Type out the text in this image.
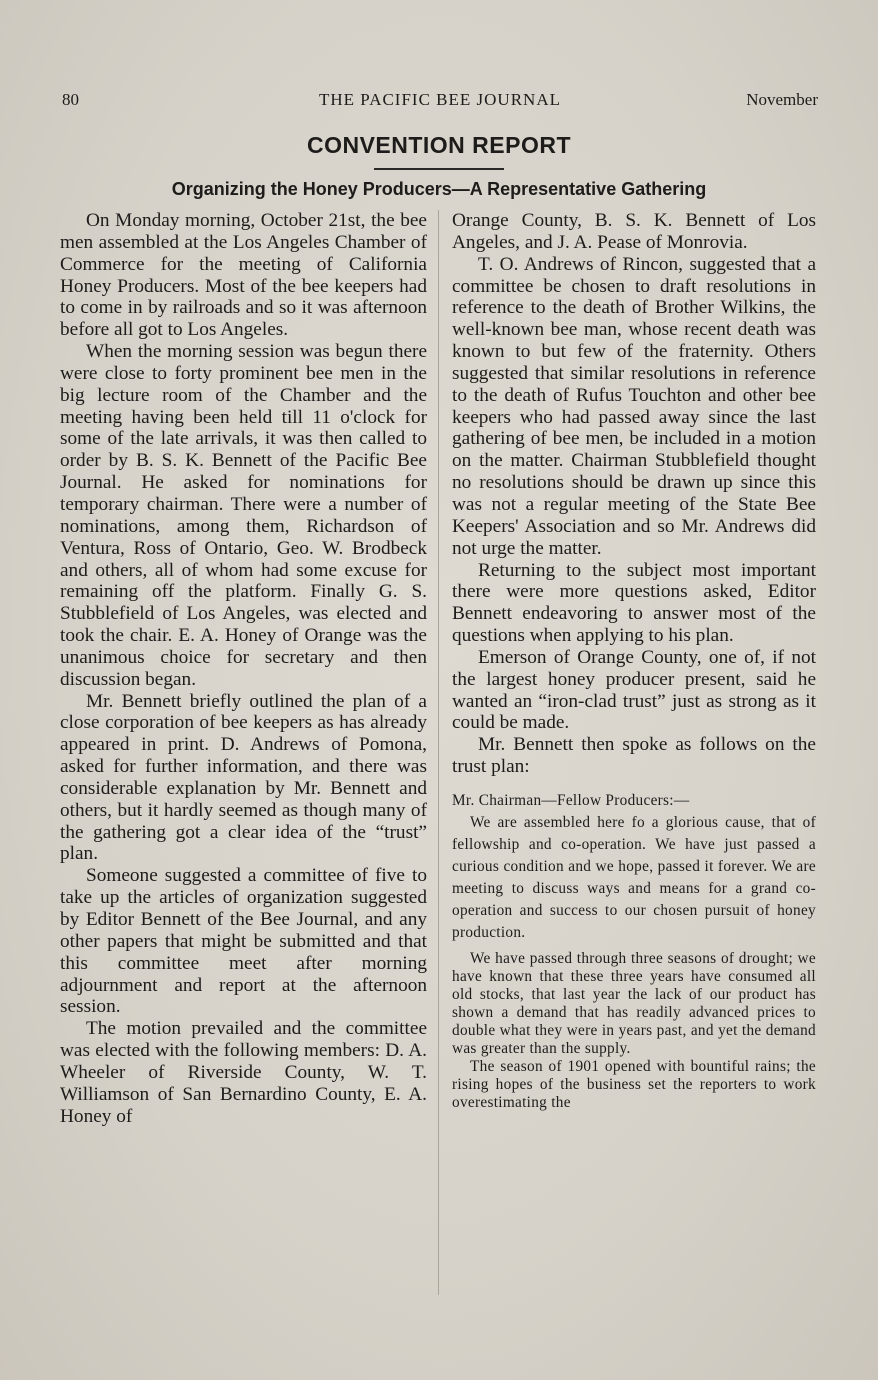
80	THE PACIFIC BEE JOURNAL	November
CONVENTION REPORT
Organizing the Honey Producers—A Representative Gathering

On Monday morning, October 21st, the bee men assembled at the Los Angeles Chamber of Commerce for the meeting of California Honey Producers. Most of the bee keepers had to come in by railroads and so it was afternoon before all got to Los Angeles.

When the morning session was begun there were close to forty prominent bee men in the big lecture room of the Chamber and the meeting having been held till 11 o'clock for some of the late arrivals, it was then called to order by B. S. K. Bennett of the Pacific Bee Journal. He asked for nominations for temporary chairman. There were a number of nominations, among them, Richardson of Ventura, Ross of Ontario, Geo. W. Brodbeck and others, all of whom had some excuse for remaining off the platform. Finally G. S. Stubblefield of Los Angeles, was elected and took the chair. E. A. Honey of Orange was the unanimous choice for secretary and then discussion began.

Mr. Bennett briefly outlined the plan of a close corporation of bee keepers as has already appeared in print. D. Andrews of Pomona, asked for further information, and there was considerable explanation by Mr. Bennett and others, but it hardly seemed as though many of the gathering got a clear idea of the “trust” plan.

Someone suggested a committee of five to take up the articles of organization suggested by Editor Bennett of the Bee Journal, and any other papers that might be submitted and that this committee meet after morning adjournment and report at the afternoon session.

The motion prevailed and the committee was elected with the following members: D. A. Wheeler of Riverside County, W. T. Williamson of San Bernardino County, E. A. Honey of

Orange County, B. S. K. Bennett of Los Angeles, and J. A. Pease of Monrovia.

T. O. Andrews of Rincon, suggested that a committee be chosen to draft resolutions in reference to the death of Brother Wilkins, the well-known bee man, whose recent death was known to but few of the fraternity. Others suggested that similar resolutions in reference to the death of Rufus Touchton and other bee keepers who had passed away since the last gathering of bee men, be included in a motion on the matter. Chairman Stubblefield thought no resolutions should be drawn up since this was not a regular meeting of the State Bee Keepers' Association and so Mr. Andrews did not urge the matter.

Returning to the subject most important there were more questions asked, Editor Bennett endeavoring to answer most of the questions when applying to his plan.

Emerson of Orange County, one of, if not the largest honey producer present, said he wanted an “iron-clad trust” just as strong as it could be made.

Mr. Bennett then spoke as follows on the trust plan:

Mr. Chairman—Fellow Producers:—

We are assembled here fo a glorious cause, that of fellowship and co-operation. We have just passed a curious condition and we hope, passed it forever. We are meeting to discuss ways and means for a grand co-operation and success to our chosen pursuit of honey production.

We have passed through three seasons of drought; we have known that these three years have consumed all old stocks, that last year the lack of our product has shown a demand that has readily advanced prices to double what they were in years past, and yet the demand was greater than the supply.

The season of 1901 opened with bountiful rains; the rising hopes of the business set the reporters to work overestimating the
